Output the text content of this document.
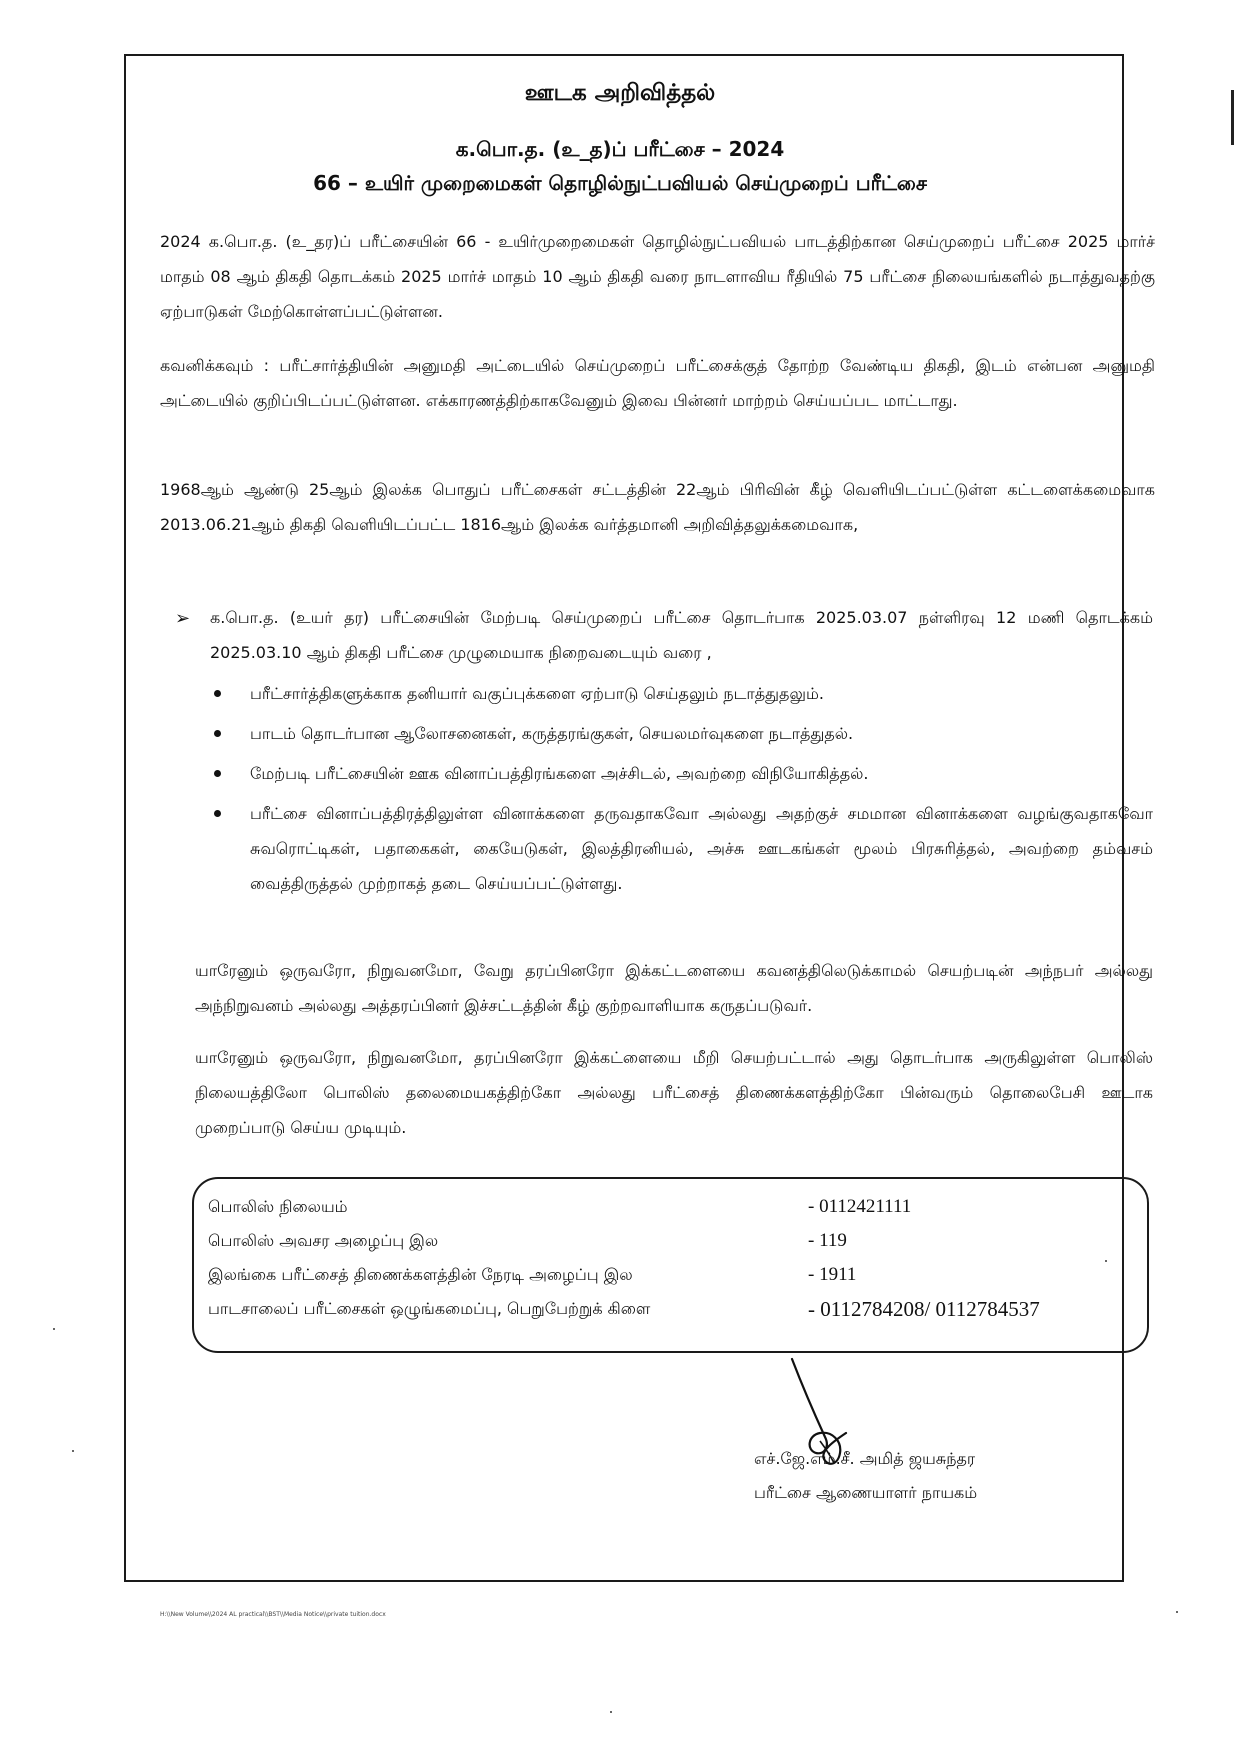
ஊடக அறிவித்தல்
க.பொ.த. (உ_த)ப் பரீட்சை – 2024
66 – உயிர் முறைமைகள் தொழில்நுட்பவியல் செய்முறைப் பரீட்சை

2024 க.பொ.த. (உ_தர)ப் பரீட்சையின் 66 - உயிர்முறைமைகள் தொழில்நுட்பவியல் பாடத்திற்கான செய்முறைப் பரீட்சை 2025 மார்ச் மாதம் 08 ஆம் திகதி தொடக்கம் 2025 மார்ச் மாதம் 10 ஆம் திகதி வரை நாடளாவிய ரீதியில் 75 பரீட்சை நிலையங்களில் நடாத்துவதற்கு ஏற்பாடுகள் மேற்கொள்ளப்பட்டுள்ளன.

கவனிக்கவும் : பரீட்சார்த்தியின் அனுமதி அட்டையில் செய்முறைப் பரீட்சைக்குத் தோற்ற வேண்டிய திகதி, இடம் என்பன அனுமதி அட்டையில் குறிப்பிடப்பட்டுள்ளன. எக்காரணத்திற்காகவேனும் இவை பின்னர் மாற்றம் செய்யப்பட மாட்டாது.

1968ஆம் ஆண்டு 25ஆம் இலக்க பொதுப் பரீட்சைகள் சட்டத்தின் 22ஆம் பிரிவின் கீழ் வெளியிடப்பட்டுள்ள கட்டளைக்கமைவாக 2013.06.21ஆம் திகதி வெளியிடப்பட்ட 1816ஆம் இலக்க வர்த்தமானி அறிவித்தலுக்கமைவாக,

➢ க.பொ.த. (உயர் தர) பரீட்சையின் மேற்படி செய்முறைப் பரீட்சை தொடர்பாக 2025.03.07 நள்ளிரவு 12 மணி தொடக்கம் 2025.03.10 ஆம் திகதி பரீட்சை முழுமையாக நிறைவடையும் வரை ,

பரீட்சார்த்திகளுக்காக தனியார் வகுப்புக்களை ஏற்பாடு செய்தலும் நடாத்துதலும்.
பாடம் தொடர்பான ஆலோசனைகள், கருத்தரங்குகள், செயலமர்வுகளை நடாத்துதல்.
மேற்படி பரீட்சையின் ஊக வினாப்பத்திரங்களை அச்சிடல், அவற்றை விநியோகித்தல்.
பரீட்சை வினாப்பத்திரத்திலுள்ள வினாக்களை தருவதாகவோ அல்லது அதற்குச் சமமான வினாக்களை வழங்குவதாகவோ சுவரொட்டிகள், பதாகைகள், கையேடுகள், இலத்திரனியல், அச்சு ஊடகங்கள் மூலம் பிரசுரித்தல், அவற்றை தம்வசம் வைத்திருத்தல் முற்றாகத் தடை செய்யப்பட்டுள்ளது.

யாரேனும் ஒருவரோ, நிறுவனமோ, வேறு தரப்பினரோ இக்கட்டளையை கவனத்திலெடுக்காமல் செயற்படின் அந்நபர் அல்லது அந்நிறுவனம் அல்லது அத்தரப்பினர் இச்சட்டத்தின் கீழ் குற்றவாளியாக கருதப்படுவர்.

யாரேனும் ஒருவரோ, நிறுவனமோ, தரப்பினரோ இக்கட்ளையை மீறி செயற்பட்டால் அது தொடர்பாக அருகிலுள்ள பொலிஸ் நிலையத்திலோ பொலிஸ் தலைமையகத்திற்கோ அல்லது பரீட்சைத் திணைக்களத்திற்கோ பின்வரும் தொலைபேசி ஊடாக முறைப்பாடு செய்ய முடியும்.

பொலிஸ் நிலையம்	- 0112421111
பொலிஸ் அவசர அழைப்பு இல	- 119
இலங்கை பரீட்சைத் திணைக்களத்தின் நேரடி அழைப்பு இல	- 1911
பாடசாலைப் பரீட்சைகள் ஒழுங்கமைப்பு, பெறுபேற்றுக் கிளை	- 0112784208/ 0112784537
எச்.ஜே.எம்.சீ. அமித் ஜயசுந்தர
பரீட்சை ஆணையாளர் நாயகம்
H:\\New Volume\\2024 AL practical\\BST\\Media Notice\\private tuition.docx
